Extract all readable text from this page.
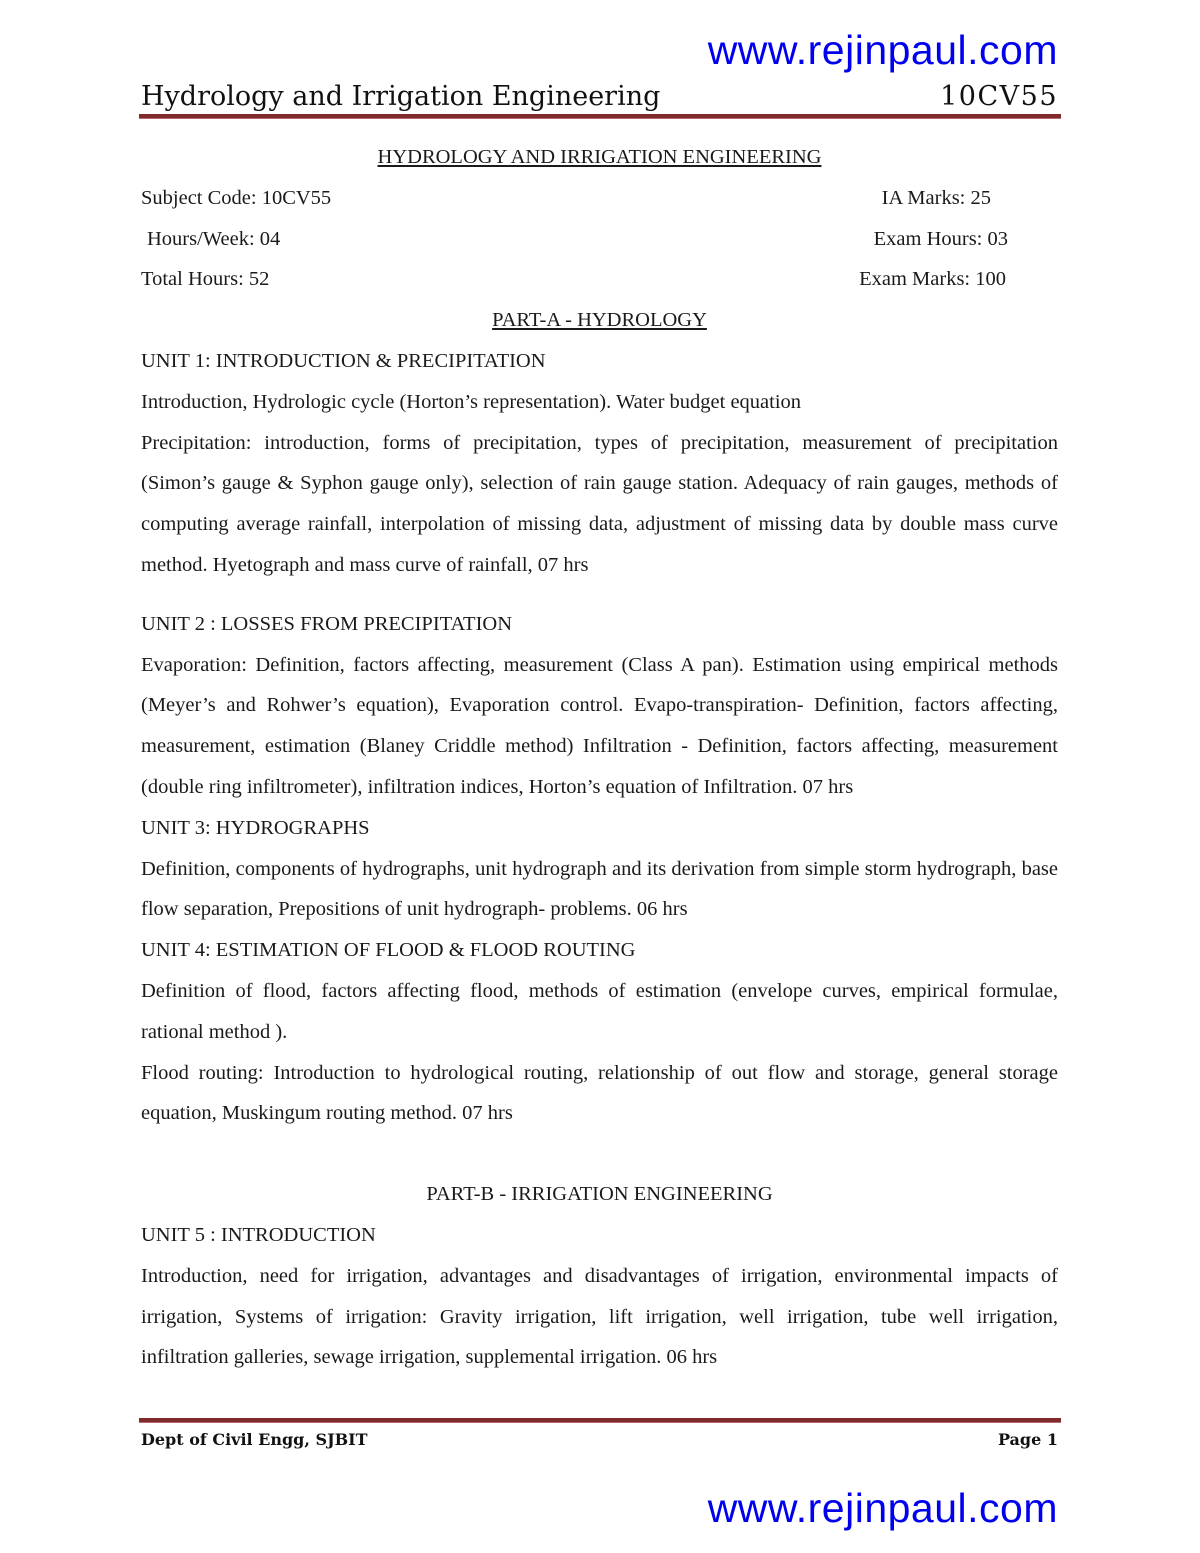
www.rejinpaul.com
Hydrology and Irrigation Engineering	10CV55
HYDROLOGY AND IRRIGATION ENGINEERING
Subject Code: 10CV55	IA Marks: 25
Hours/Week: 04	Exam Hours: 03
Total Hours: 52	Exam Marks: 100
PART-A - HYDROLOGY
UNIT 1: INTRODUCTION & PRECIPITATION
Introduction, Hydrologic cycle (Horton’s representation). Water budget equation
Precipitation: introduction, forms of precipitation, types of precipitation, measurement of precipitation (Simon’s gauge & Syphon gauge only), selection of rain gauge station. Adequacy of rain gauges, methods of computing average rainfall, interpolation of missing data, adjustment of missing data by double mass curve method. Hyetograph and mass curve of rainfall, 07 hrs
UNIT 2 : LOSSES FROM PRECIPITATION
Evaporation: Definition, factors affecting, measurement (Class A pan). Estimation using empirical methods (Meyer’s and Rohwer’s equation), Evaporation control. Evapo-transpiration- Definition, factors affecting, measurement, estimation (Blaney Criddle method) Infiltration - Definition, factors affecting, measurement (double ring infiltrometer), infiltration indices, Horton’s equation of Infiltration. 07 hrs
UNIT 3: HYDROGRAPHS
Definition, components of hydrographs, unit hydrograph and its derivation from simple storm hydrograph, base flow separation, Prepositions of unit hydrograph- problems. 06 hrs
UNIT 4: ESTIMATION OF FLOOD & FLOOD ROUTING
Definition of flood, factors affecting flood, methods of estimation (envelope curves, empirical formulae, rational method ).
Flood routing: Introduction to hydrological routing, relationship of out flow and storage, general storage equation, Muskingum routing method. 07 hrs
PART-B - IRRIGATION ENGINEERING
UNIT 5 : INTRODUCTION
Introduction, need for irrigation, advantages and disadvantages of irrigation, environmental impacts of irrigation, Systems of irrigation: Gravity irrigation, lift irrigation, well irrigation, tube well irrigation, infiltration galleries, sewage irrigation, supplemental irrigation. 06 hrs
Dept of Civil Engg, SJBIT	Page 1
www.rejinpaul.com
